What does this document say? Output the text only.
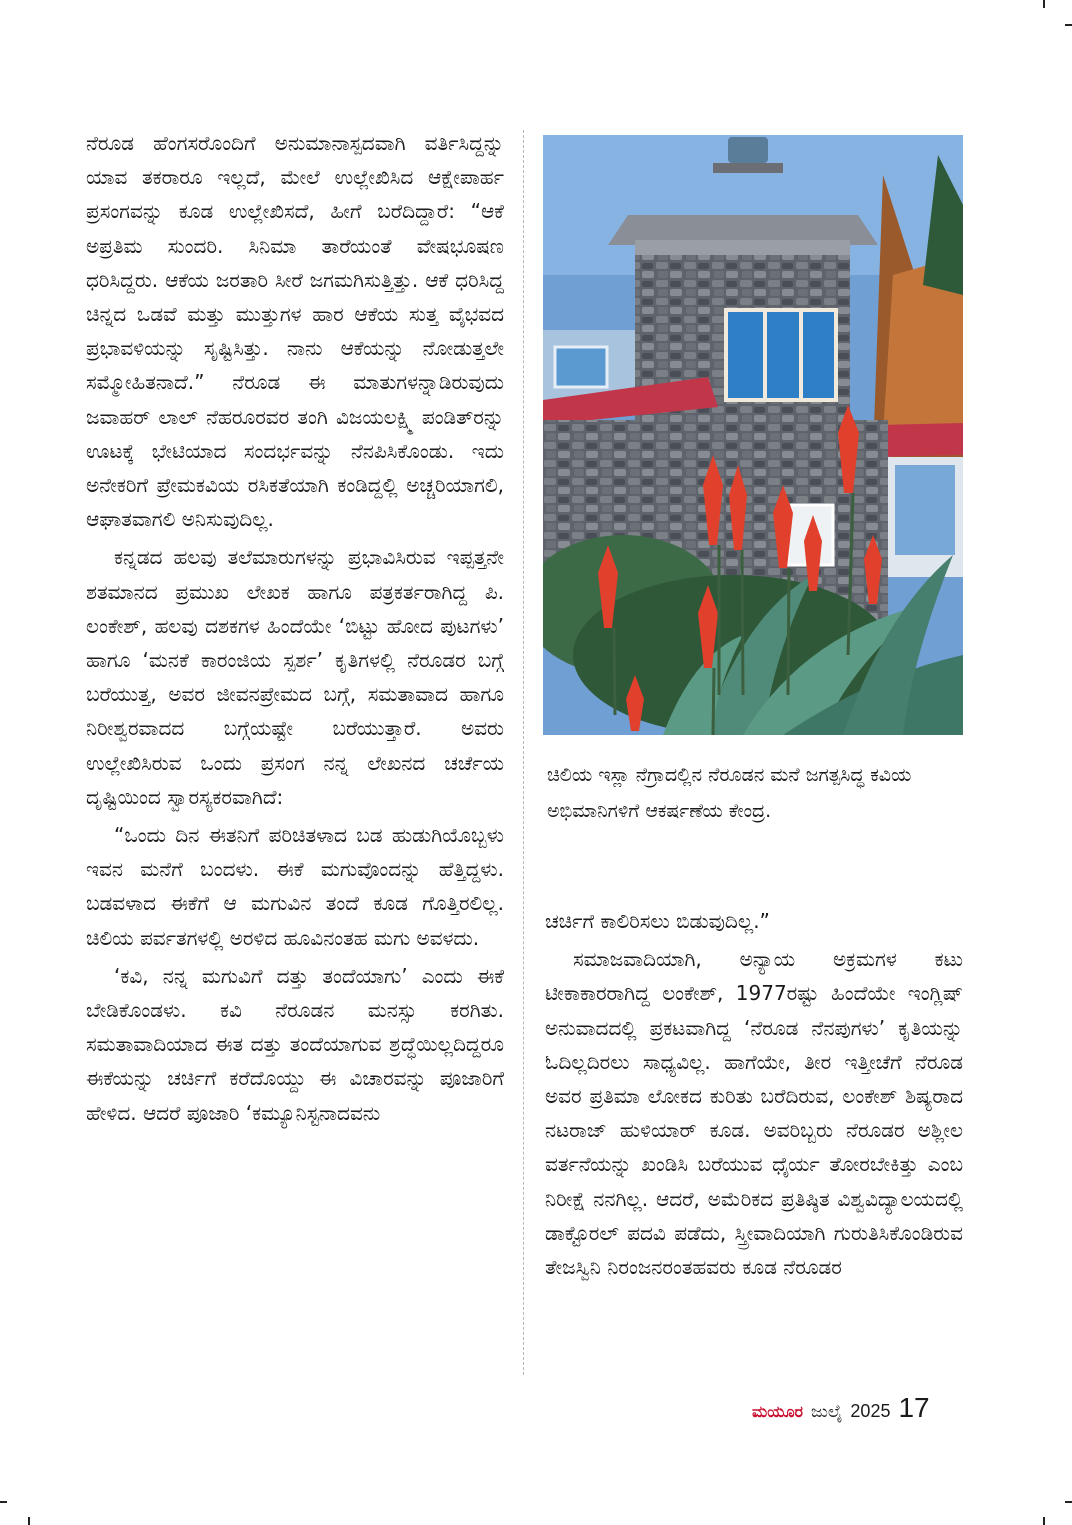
ನೆರೂಡ ಹೆಂಗಸರೊಂದಿಗೆ ಅನುಮಾನಾಸ್ಪದವಾಗಿ ವರ್ತಿಸಿದ್ದನ್ನು ಯಾವ ತಕರಾರೂ ಇಲ್ಲದೆ, ಮೇಲೆ ಉಲ್ಲೇಖಿಸಿದ ಆಕ್ಷೇಪಾರ್ಹ ಪ್ರಸಂಗವನ್ನು ಕೂಡ ಉಲ್ಲೇಖಿಸದೆ, ಹೀಗೆ ಬರೆದಿದ್ದಾರೆ: “ಆಕೆ ಅಪ್ರತಿಮ ಸುಂದರಿ. ಸಿನಿಮಾ ತಾರೆಯಂತೆ ವೇಷಭೂಷಣ ಧರಿಸಿದ್ದರು. ಆಕೆಯ ಜರತಾರಿ ಸೀರೆ ಜಗಮಗಿಸುತ್ತಿತ್ತು. ಆಕೆ ಧರಿಸಿದ್ದ ಚಿನ್ನದ ಒಡವೆ ಮತ್ತು ಮುತ್ತುಗಳ ಹಾರ ಆಕೆಯ ಸುತ್ತ ವೈಭವದ ಪ್ರಭಾವಳಿಯನ್ನು ಸೃಷ್ಟಿಸಿತ್ತು. ನಾನು ಆಕೆಯನ್ನು ನೋಡುತ್ತಲೇ ಸಮ್ಮೋಹಿತನಾದೆ.” ನೆರೂಡ ಈ ಮಾತುಗಳನ್ನಾಡಿರುವುದು ಜವಾಹರ್ ಲಾಲ್ ನೆಹರೂರವರ ತಂಗಿ ವಿಜಯಲಕ್ಷ್ಮಿ ಪಂಡಿತ್‌ರನ್ನು ಊಟಕ್ಕೆ ಭೇಟಿಯಾದ ಸಂದರ್ಭವನ್ನು ನೆನಪಿಸಿಕೊಂಡು. ಇದು ಅನೇಕರಿಗೆ ಪ್ರೇಮಕವಿಯ ರಸಿಕತೆಯಾಗಿ ಕಂಡಿದ್ದಲ್ಲಿ ಅಚ್ಚರಿಯಾಗಲಿ, ಆಘಾತವಾಗಲಿ ಅನಿಸುವುದಿಲ್ಲ.

ಕನ್ನಡದ ಹಲವು ತಲೆಮಾರುಗಳನ್ನು ಪ್ರಭಾವಿಸಿರುವ ಇಪ್ಪತ್ತನೇ ಶತಮಾನದ ಪ್ರಮುಖ ಲೇಖಕ ಹಾಗೂ ಪತ್ರಕರ್ತರಾಗಿದ್ದ ಪಿ. ಲಂಕೇಶ್, ಹಲವು ದಶಕಗಳ ಹಿಂದೆಯೇ ‘ಬಿಟ್ಟು ಹೋದ ಪುಟಗಳು’ ಹಾಗೂ ‘ಮನಕೆ ಕಾರಂಜಿಯ ಸ್ಪರ್ಶ’ ಕೃತಿಗಳಲ್ಲಿ ನೆರೂಡರ ಬಗ್ಗೆ ಬರೆಯುತ್ತ, ಅವರ ಜೀವನಪ್ರೇಮದ ಬಗ್ಗೆ, ಸಮತಾವಾದ ಹಾಗೂ ನಿರೀಶ್ವರವಾದದ ಬಗ್ಗೆಯಷ್ಟೇ ಬರೆಯುತ್ತಾರೆ. ಅವರು ಉಲ್ಲೇಖಿಸಿರುವ ಒಂದು ಪ್ರಸಂಗ ನನ್ನ ಲೇಖನದ ಚರ್ಚೆಯ ದೃಷ್ಟಿಯಿಂದ ಸ್ವಾರಸ್ಯಕರವಾಗಿದೆ:

“ಒಂದು ದಿನ ಈತನಿಗೆ ಪರಿಚಿತಳಾದ ಬಡ ಹುಡುಗಿಯೊಬ್ಬಳು ಇವನ ಮನೆಗೆ ಬಂದಳು. ಈಕೆ ಮಗುವೊಂದನ್ನು ಹೆತ್ತಿದ್ದಳು. ಬಡವಳಾದ ಈಕೆಗೆ ಆ ಮಗುವಿನ ತಂದೆ ಕೂಡ ಗೊತ್ತಿರಲಿಲ್ಲ. ಚಿಲಿಯ ಪರ್ವತಗಳಲ್ಲಿ ಅರಳಿದ ಹೂವಿನಂತಹ ಮಗು ಅವಳದು.

‘ಕವಿ, ನನ್ನ ಮಗುವಿಗೆ ದತ್ತು ತಂದೆಯಾಗು’ ಎಂದು ಈಕೆ ಬೇಡಿಕೊಂಡಳು. ಕವಿ ನೆರೂಡನ ಮನಸ್ಸು ಕರಗಿತು. ಸಮತಾವಾದಿಯಾದ ಈತ ದತ್ತು ತಂದೆಯಾಗುವ ಶ್ರದ್ಧೆಯಿಲ್ಲದಿದ್ದರೂ ಈಕೆಯನ್ನು ಚರ್ಚಿಗೆ ಕರೆದೊಯ್ದು ಈ ವಿಚಾರವನ್ನು ಪೂಜಾರಿಗೆ ಹೇಳಿದ. ಆದರೆ ಪೂಜಾರಿ ‘ಕಮ್ಯೂನಿಸ್ಟನಾದವನು

ಚಿಲಿಯ ಇಸ್ಲಾ ನೆಗ್ರಾದಲ್ಲಿನ ನೆರೂಡನ ಮನೆ ಜಗತ್ಪಸಿದ್ಧ ಕವಿಯ ಅಭಿಮಾನಿಗಳಿಗೆ ಆಕರ್ಷಣೆಯ ಕೇಂದ್ರ.

ಚರ್ಚಿಗೆ ಕಾಲಿರಿಸಲು ಬಿಡುವುದಿಲ್ಲ.”

ಸಮಾಜವಾದಿಯಾಗಿ, ಅನ್ಯಾಯ ಅಕ್ರಮಗಳ ಕಟು ಟೀಕಾಕಾರರಾಗಿದ್ದ ಲಂಕೇಶ್, 1977ರಷ್ಟು ಹಿಂದೆಯೇ ಇಂಗ್ಲಿಷ್ ಅನುವಾದದಲ್ಲಿ ಪ್ರಕಟವಾಗಿದ್ದ ‘ನೆರೂಡ ನೆನಪುಗಳು’ ಕೃತಿಯನ್ನು ಓದಿಲ್ಲದಿರಲು ಸಾಧ್ಯವಿಲ್ಲ. ಹಾಗೆಯೇ, ತೀರ ಇತ್ತೀಚೆಗೆ ನೆರೂಡ ಅವರ ಪ್ರತಿಮಾ ಲೋಕದ ಕುರಿತು ಬರೆದಿರುವ, ಲಂಕೇಶ್ ಶಿಷ್ಯರಾದ ನಟರಾಜ್ ಹುಳಿಯಾರ್ ಕೂಡ. ಅವರಿಬ್ಬರು ನೆರೂಡರ ಅಶ್ಲೀಲ ವರ್ತನೆಯನ್ನು ಖಂಡಿಸಿ ಬರೆಯುವ ಧೈರ್ಯ ತೋರಬೇಕಿತ್ತು ಎಂಬ ನಿರೀಕ್ಷೆ ನನಗಿಲ್ಲ. ಆದರೆ, ಅಮೆರಿಕದ ಪ್ರತಿಷ್ಠಿತ ವಿಶ್ವವಿದ್ಯಾಲಯದಲ್ಲಿ ಡಾಕ್ಟೊರಲ್ ಪದವಿ ಪಡೆದು, ಸ್ತ್ರೀವಾದಿಯಾಗಿ ಗುರುತಿಸಿಕೊಂಡಿರುವ ತೇಜಸ್ವಿನಿ ನಿರಂಜನರಂತಹವರು ಕೂಡ ನೆರೂಡರ

ಮಯೂರ ಜುಲೈ 2025 17
